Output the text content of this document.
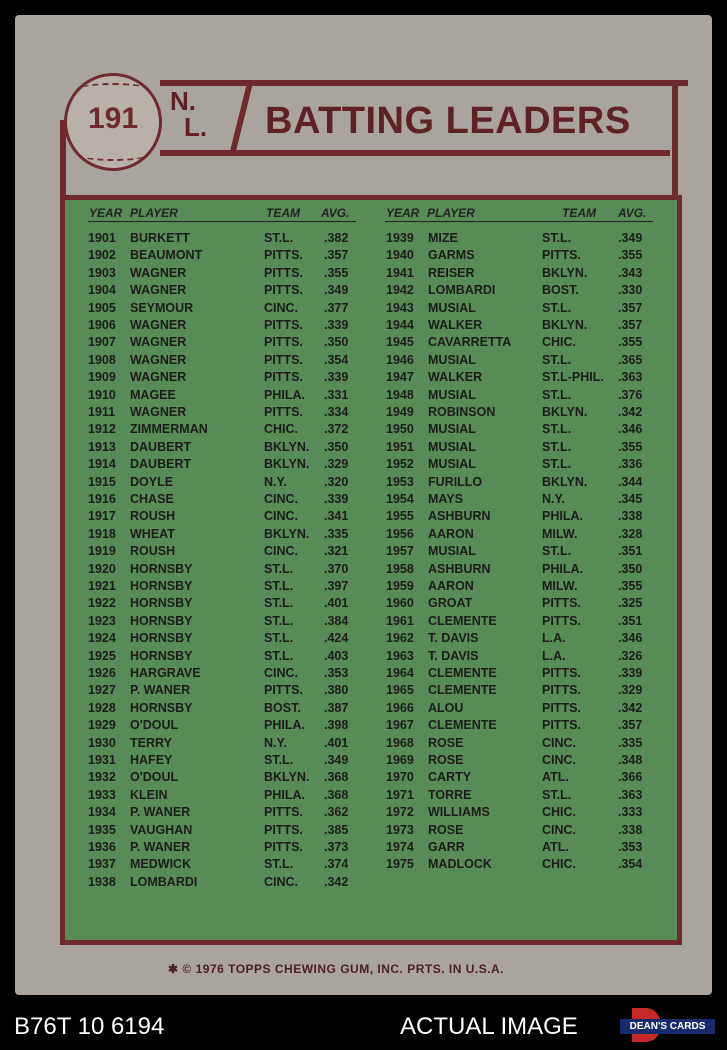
191
N.
L. BATTING LEADERS
YEAR PLAYER	TEAM AVG.	YEAR PLAYER	TEAM AVG.
1901 BURKETT	ST.L. .382
1902 BEAUMONT	PITTS. .357
1903 WAGNER	PITTS. .355
1904 WAGNER	PITTS. .349
1905 SEYMOUR	CINC. .377
1906 WAGNER	PITTS. .339
1907 WAGNER	PITTS. .350
1908 WAGNER	PITTS. .354
1909 WAGNER	PITTS. .339
1910 MAGEE	PHILA. .331
1911 WAGNER	PITTS. .334
1912 ZIMMERMAN	CHIC. .372
1913 DAUBERT	BKLYN. .350
1914 DAUBERT	BKLYN. .329
1915 DOYLE	N.Y.	.320
1916 CHASE	CINC. .339
1917 ROUSH	CINC. .341
1918 WHEAT	BKLYN. .335
1919 ROUSH	CINC. .321
1920 HORNSBY	ST.L. .370
1921 HORNSBY	ST.L. .397
1922 HORNSBY	ST.L. .401
1923 HORNSBY	ST.L. .384
1924 HORNSBY	ST.L. .424
1925 HORNSBY	ST.L. .403
1926 HARGRAVE	CINC. .353
1927 P. WANER	PITTS. .380
1928 HORNSBY	BOST. .387
1929 O'DOUL	PHILA. .398
1930 TERRY	N.Y.	.401
1931 HAFEY	ST.L. .349
1932 O'DOUL	BKLYN. .368
1933 KLEIN	PHILA. .368
1934 P. WANER	PITTS. .362
1935 VAUGHAN	PITTS. .385
1936 P. WANER	PITTS. .373
1937 MEDWICK	ST.L. .374
1938 LOMBARDI	CINC. .342
1939 MIZE	ST.L.	.349
1940 GARMS	PITTS.	.355
1941 REISER	BKLYN. .343
1942 LOMBARDI	BOST.	.330
1943 MUSIAL	ST.L.	.357
1944 WALKER	BKLYN. .357
1945 CAVARRETTA CHIC.	.355
1946 MUSIAL	ST.L.	.365
1947 WALKER	ST.L-PHIL. .363
1948 MUSIAL	ST.L.	.376
1949 ROBINSON	BKLYN. .342
1950 MUSIAL	ST.L.	.346
1951 MUSIAL	ST.L.	.355
1952 MUSIAL	ST.L.	.336
1953 FURILLO	BKLYN. .344
1954 MAYS	N.Y.	.345
1955 ASHBURN	PHILA.	.338
1956 AARON	MILW.	.328
1957 MUSIAL	ST.L.	.351
1958 ASHBURN	PHILA.	.350
1959 AARON	MILW.	.355
1960 GROAT	PITTS.	.325
1961 CLEMENTE	PITTS.	.351
1962 T. DAVIS	L.A.	.346
1963 T. DAVIS	L.A.	.326
1964 CLEMENTE	PITTS.	.339
1965 CLEMENTE	PITTS.	.329
1966 ALOU	PITTS.	.342
1967 CLEMENTE	PITTS.	.357
1968 ROSE	CINC.	.335
1969 ROSE	CINC.	.348
1970 CARTY	ATL.	.366
1971 TORRE	ST.L.	.363
1972 WILLIAMS	CHIC.	.333
1973 ROSE	CINC.	.338
1974 GARR	ATL.	.353
1975 MADLOCK	CHIC.	.354
✱ © 1976 TOPPS CHEWING GUM, INC. PRTS. IN U.S.A.
B76T 10 6194	ACTUAL IMAGE	DEAN'S CARDS
